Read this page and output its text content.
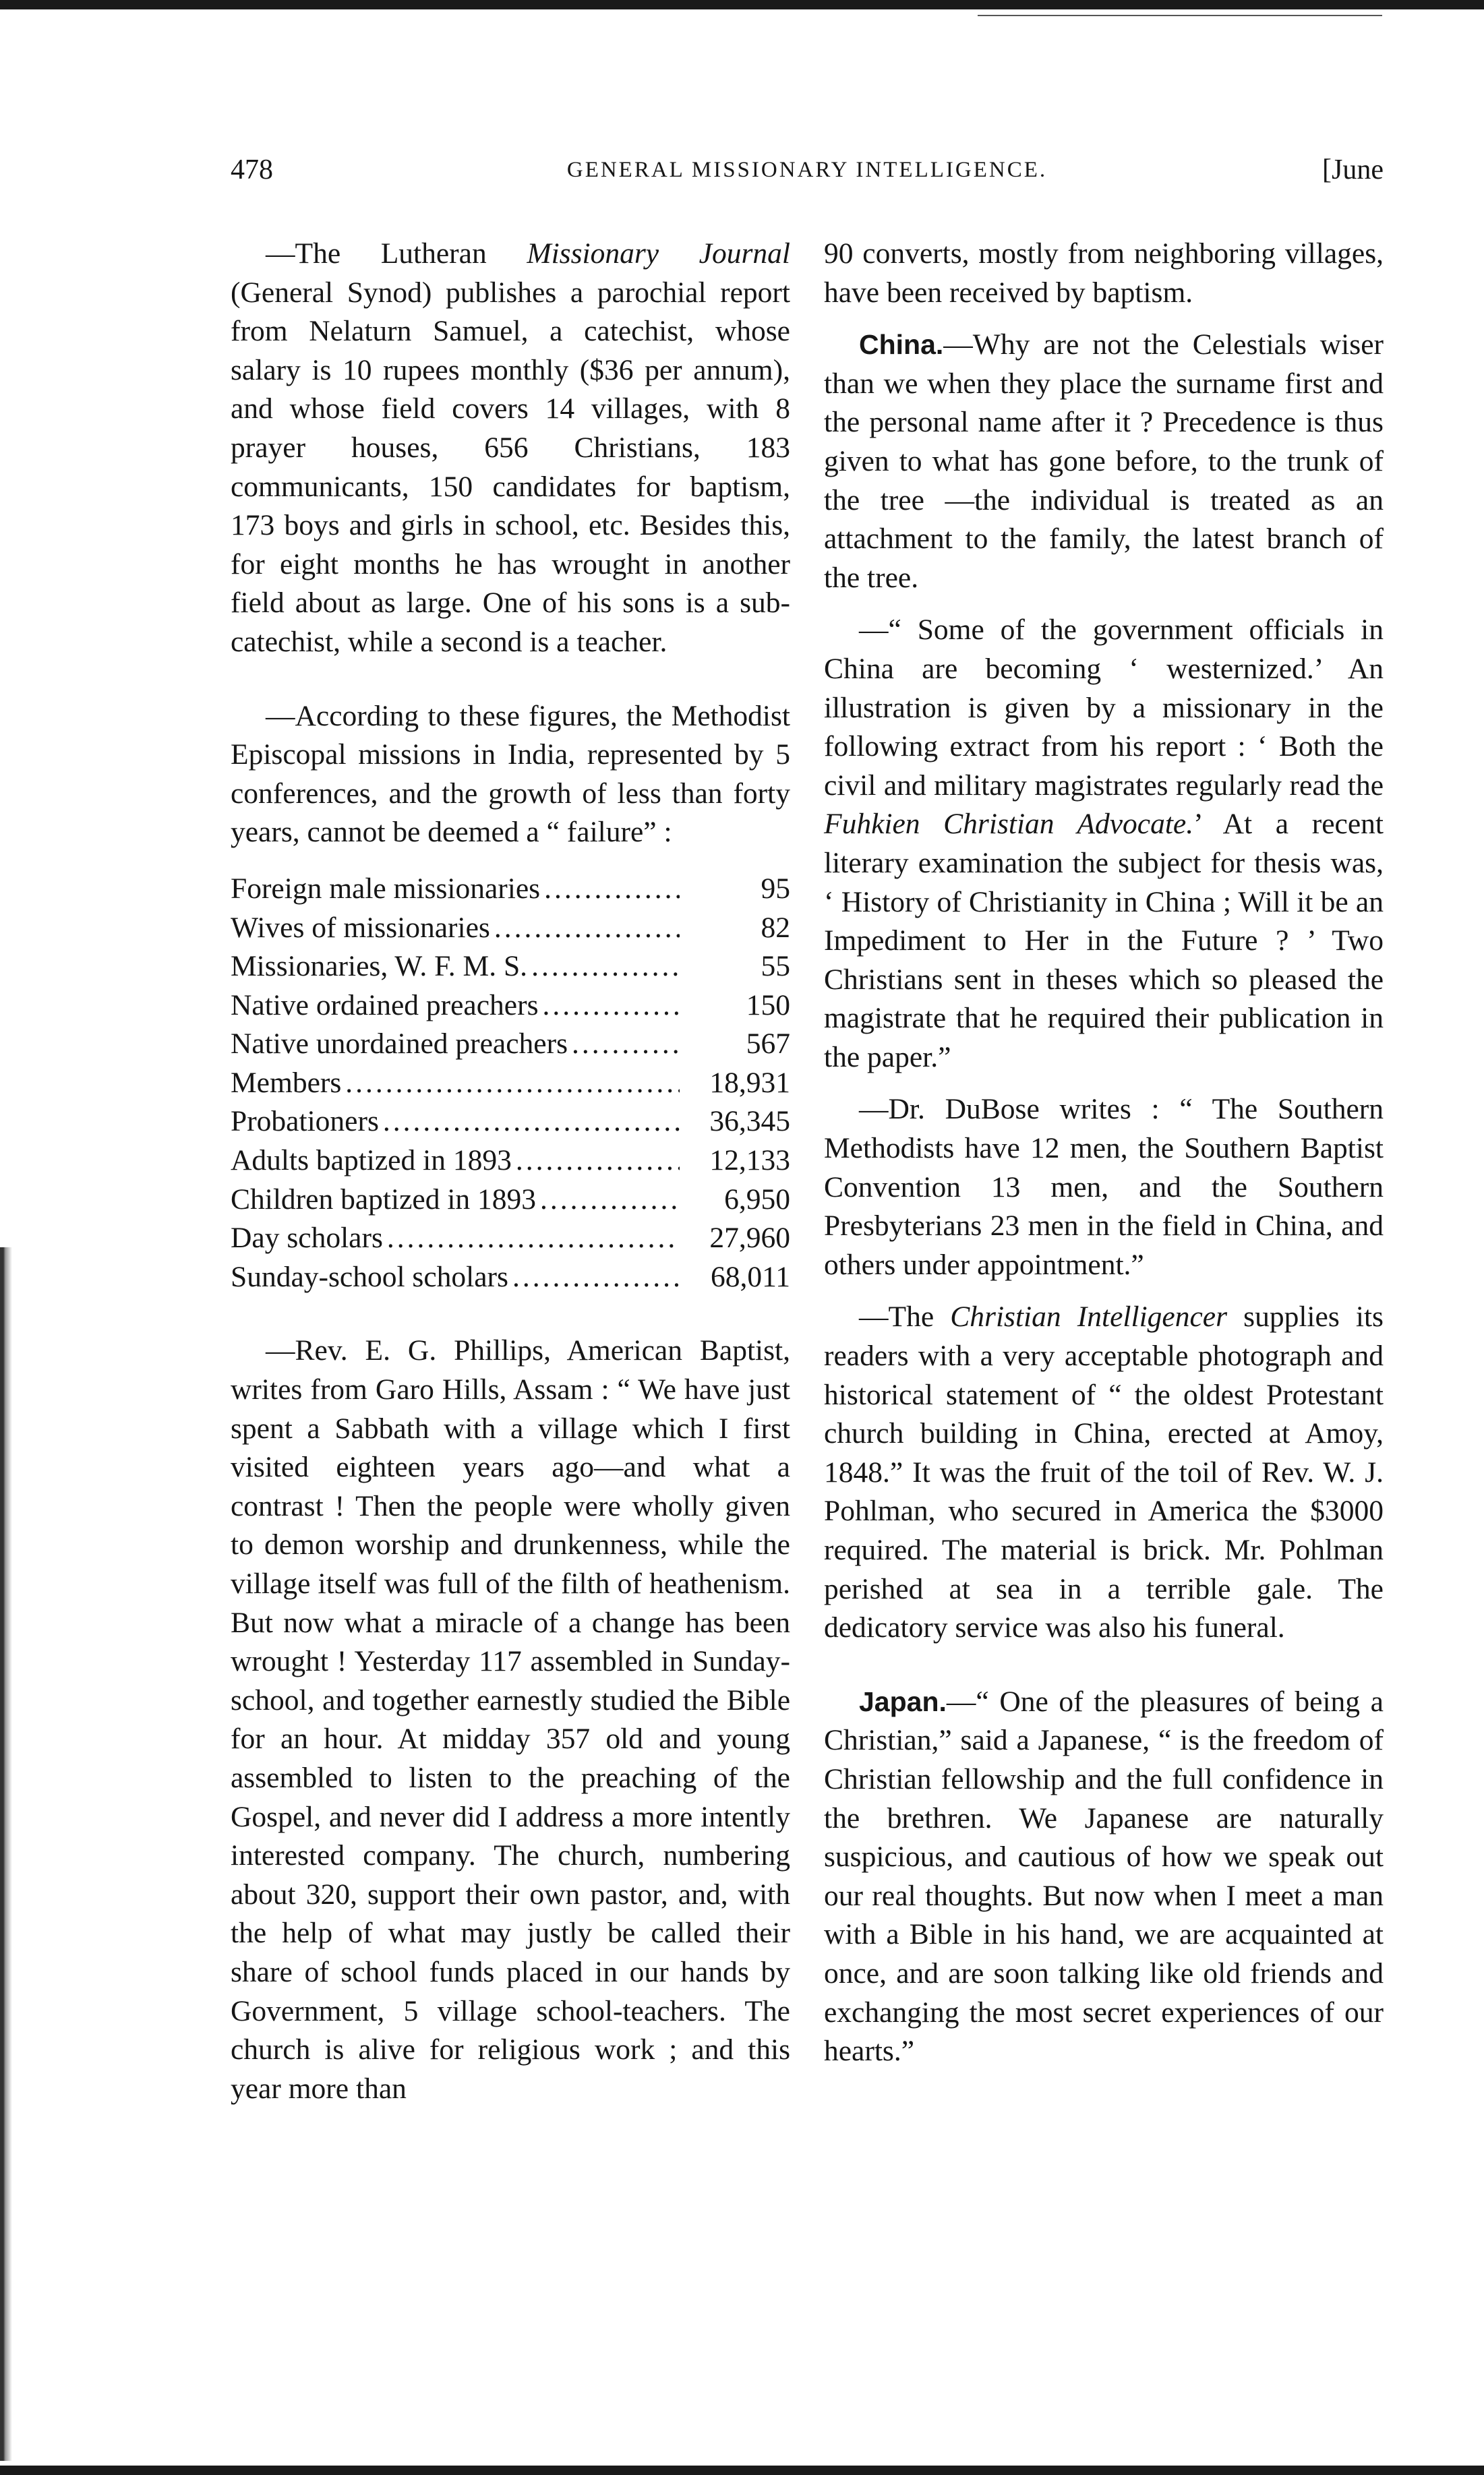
478	GENERAL MISSIONARY INTELLIGENCE.	[June

—The Lutheran Missionary Journal (General Synod) publishes a parochial report from Nelaturn Samuel, a catechist, whose salary is 10 rupees monthly ($36 per annum), and whose field covers 14 villages, with 8 prayer houses, 656 Christians, 183 communicants, 150 candidates for baptism, 173 boys and girls in school, etc. Besides this, for eight months he has wrought in another field about as large. One of his sons is a sub-catechist, while a second is a teacher.

—According to these figures, the Methodist Episcopal missions in India, represented by 5 conferences, and the growth of less than forty years, cannot be deemed a “ failure” :

Foreign male missionaries .....	95
Wives of missionaries .....	82
Missionaries, W. F. M. S. .....	55
Native ordained preachers .....	150
Native unordained preachers .....	567
Members .....	18,931
Probationers .....	36,345
Adults baptized in 1893 .....	12,133
Children baptized in 1893 .....	6,950
Day scholars .....	27,960
Sunday-school scholars .....	68,011

—Rev. E. G. Phillips, American Baptist, writes from Garo Hills, Assam : “ We have just spent a Sabbath with a village which I first visited eighteen years ago—and what a contrast ! Then the people were wholly given to demon worship and drunkenness, while the village itself was full of the filth of heathenism. But now what a miracle of a change has been wrought ! Yesterday 117 assembled in Sunday-school, and together earnestly studied the Bible for an hour. At midday 357 old and young assembled to listen to the preaching of the Gospel, and never did I address a more intently interested company. The church, numbering about 320, support their own pastor, and, with the help of what may justly be called their share of school funds placed in our hands by Government, 5 village school-teachers. The church is alive for religious work ; and this year more than

90 converts, mostly from neighboring villages, have been received by baptism.

China.—Why are not the Celestials wiser than we when they place the surname first and the personal name after it ? Precedence is thus given to what has gone before, to the trunk of the tree —the individual is treated as an attachment to the family, the latest branch of the tree.

—“ Some of the government officials in China are becoming ‘ westernized.’ An illustration is given by a missionary in the following extract from his report : ‘ Both the civil and military magistrates regularly read the Fuhkien Christian Advocate.’ At a recent literary examination the subject for thesis was, ‘ History of Christianity in China ; Will it be an Impediment to Her in the Future ? ’ Two Christians sent in theses which so pleased the magistrate that he required their publication in the paper.”

—Dr. DuBose writes : “ The Southern Methodists have 12 men, the Southern Baptist Convention 13 men, and the Southern Presbyterians 23 men in the field in China, and others under appointment.”

—The Christian Intelligencer supplies its readers with a very acceptable photograph and historical statement of “ the oldest Protestant church building in China, erected at Amoy, 1848.” It was the fruit of the toil of Rev. W. J. Pohlman, who secured in America the $3000 required. The material is brick. Mr. Pohlman perished at sea in a terrible gale. The dedicatory service was also his funeral.

Japan.—“ One of the pleasures of being a Christian,” said a Japanese, “ is the freedom of Christian fellowship and the full confidence in the brethren. We Japanese are naturally suspicious, and cautious of how we speak out our real thoughts. But now when I meet a man with a Bible in his hand, we are acquainted at once, and are soon talking like old friends and exchanging the most secret experiences of our hearts.”
